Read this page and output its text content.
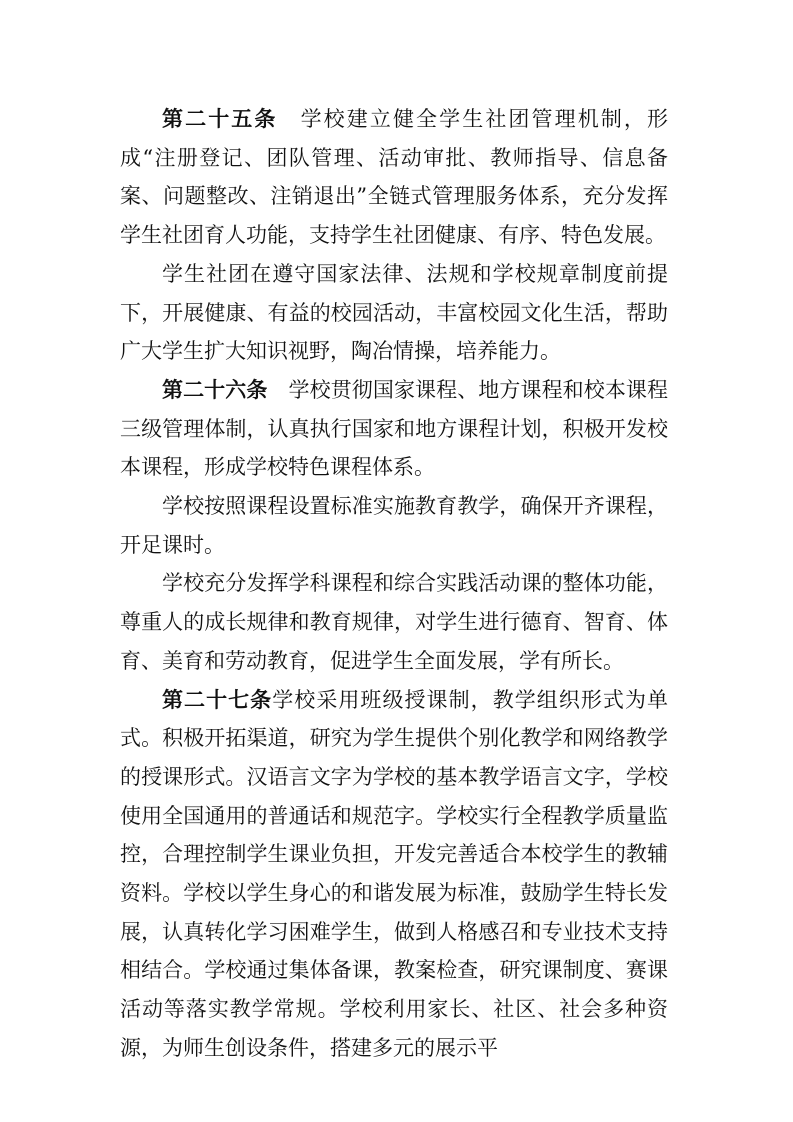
第二十五条　学校建立健全学生社团管理机制，形成“注册登记、团队管理、活动审批、教师指导、信息备案、问题整改、注销退出”全链式管理服务体系，充分发挥学生社团育人功能，支持学生社团健康、有序、特色发展。

学生社团在遵守国家法律、法规和学校规章制度前提下，开展健康、有益的校园活动，丰富校园文化生活，帮助广大学生扩大知识视野，陶冶情操，培养能力。

第二十六条　学校贯彻国家课程、地方课程和校本课程三级管理体制，认真执行国家和地方课程计划，积极开发校本课程，形成学校特色课程体系。

学校按照课程设置标准实施教育教学，确保开齐课程，开足课时。

学校充分发挥学科课程和综合实践活动课的整体功能，尊重人的成长规律和教育规律，对学生进行德育、智育、体育、美育和劳动教育，促进学生全面发展，学有所长。

第二十七条学校采用班级授课制，教学组织形式为单式。积极开拓渠道，研究为学生提供个别化教学和网络教学的授课形式。汉语言文字为学校的基本教学语言文字，学校使用全国通用的普通话和规范字。学校实行全程教学质量监控，合理控制学生课业负担，开发完善适合本校学生的教辅资料。学校以学生身心的和谐发展为标准，鼓励学生特长发展，认真转化学习困难学生，做到人格感召和专业技术支持相结合。学校通过集体备课，教案检查，研究课制度、赛课活动等落实教学常规。学校利用家长、社区、社会多种资源，为师生创设条件，搭建多元的展示平
